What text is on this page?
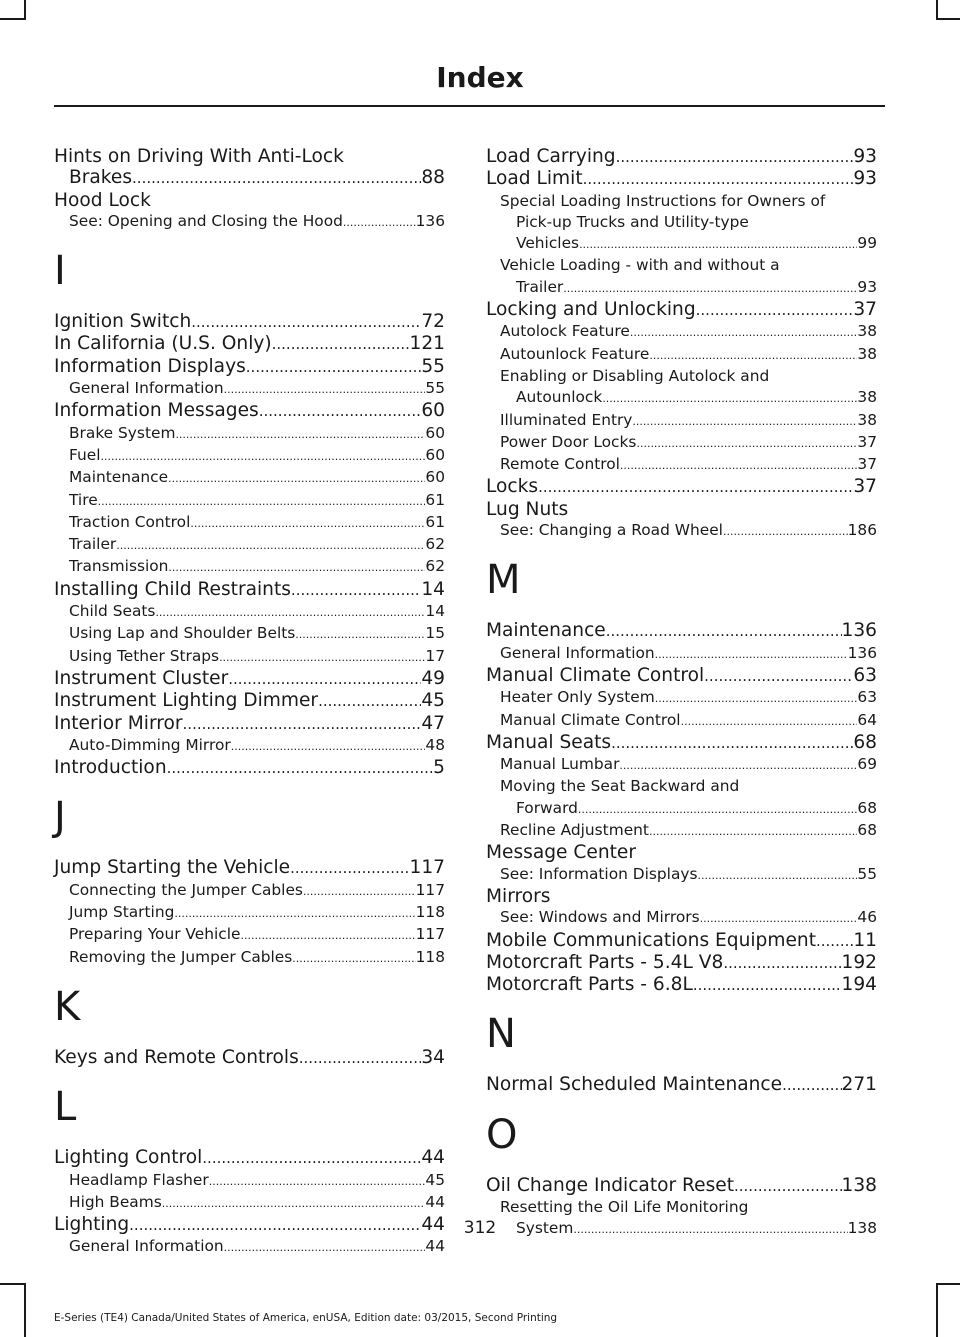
Index
Hints on Driving With Anti-Lock
Brakes .....	88
Hood Lock
See: Opening and Closing the Hood .....	136
I
Ignition Switch .....	72
In California (U.S. Only) .....	121
Information Displays .....	55
General Information .....	55
Information Messages .....	60
Brake System .....	60
Fuel .....	60
Maintenance .....	60
Tire .....	61
Traction Control .....	61
Trailer .....	62
Transmission .....	62
Installing Child Restraints .....	14
Child Seats .....	14
Using Lap and Shoulder Belts .....	15
Using Tether Straps .....	17
Instrument Cluster .....	49
Instrument Lighting Dimmer .....	45
Interior Mirror .....	47
Auto-Dimming Mirror .....	48
Introduction .....	5
J
Jump Starting the Vehicle .....	117
Connecting the Jumper Cables .....	117
Jump Starting .....	118
Preparing Your Vehicle .....	117
Removing the Jumper Cables .....	118
K
Keys and Remote Controls .....	34
L
Lighting Control .....	44
Headlamp Flasher .....	45
High Beams .....	44
Lighting .....	44
General Information .....	44
Load Carrying .....	93
Load Limit .....	93
Special Loading Instructions for Owners of
Pick-up Trucks and Utility-type
Vehicles .....	99
Vehicle Loading - with and without a
Trailer .....	93
Locking and Unlocking .....	37
Autolock Feature .....	38
Autounlock Feature .....	38
Enabling or Disabling Autolock and
Autounlock .....	38
Illuminated Entry .....	38
Power Door Locks .....	37
Remote Control .....	37
Locks .....	37
Lug Nuts
See: Changing a Road Wheel .....	186
M
Maintenance .....	136
General Information .....	136
Manual Climate Control .....	63
Heater Only System .....	63
Manual Climate Control .....	64
Manual Seats .....	68
Manual Lumbar .....	69
Moving the Seat Backward and
Forward .....	68
Recline Adjustment .....	68
Message Center
See: Information Displays .....	55
Mirrors
See: Windows and Mirrors .....	46
Mobile Communications Equipment ..... 11
Motorcraft Parts - 5.4L V8 .....	192
Motorcraft Parts - 6.8L .....	194
N
Normal Scheduled Maintenance .....	271
O
Oil Change Indicator Reset .....	138
Resetting the Oil Life Monitoring
System .....	138
312
E-Series (TE4) Canada/United States of America, enUSA, Edition date: 03/2015, Second Printing
